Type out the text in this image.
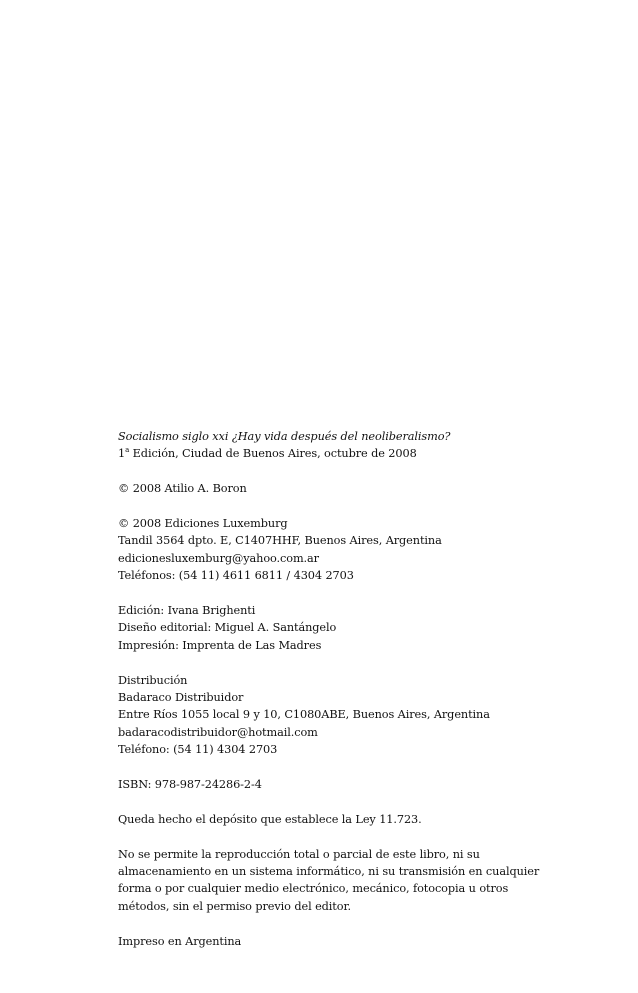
Socialismo siglo xxi ¿Hay vida después del neoliberalismo?
1$^a$ Edición, Ciudad de Buenos Aires, octubre de 2008
© 2008 Atilio A. Boron
© 2008 Ediciones Luxemburg
Tandil 3564 dpto. E, C1407HHF, Buenos Aires, Argentina
edicionesluxemburg@yahoo.com.ar
Teléfonos: (54 11) 4611 6811 / 4304 2703
Edición: Ivana Brighenti
Diseño editorial: Miguel A. Santángelo
Impresión: Imprenta de Las Madres
Distribución
Badaraco Distribuidor
Entre Ríos 1055 local 9 y 10, C1080ABE, Buenos Aires, Argentina
badaracodistribuidor@hotmail.com
Teléfono: (54 11) 4304 2703
ISBN: 978-987-24286-2-4
Queda hecho el depósito que establece la Ley 11.723.
No se permite la reproducción total o parcial de este libro, ni su
almacenamiento en un sistema informático, ni su transmisión en cualquier
forma o por cualquier medio electrónico, mecánico, fotocopia u otros
métodos, sin el permiso previo del editor.
Impreso en Argentina
